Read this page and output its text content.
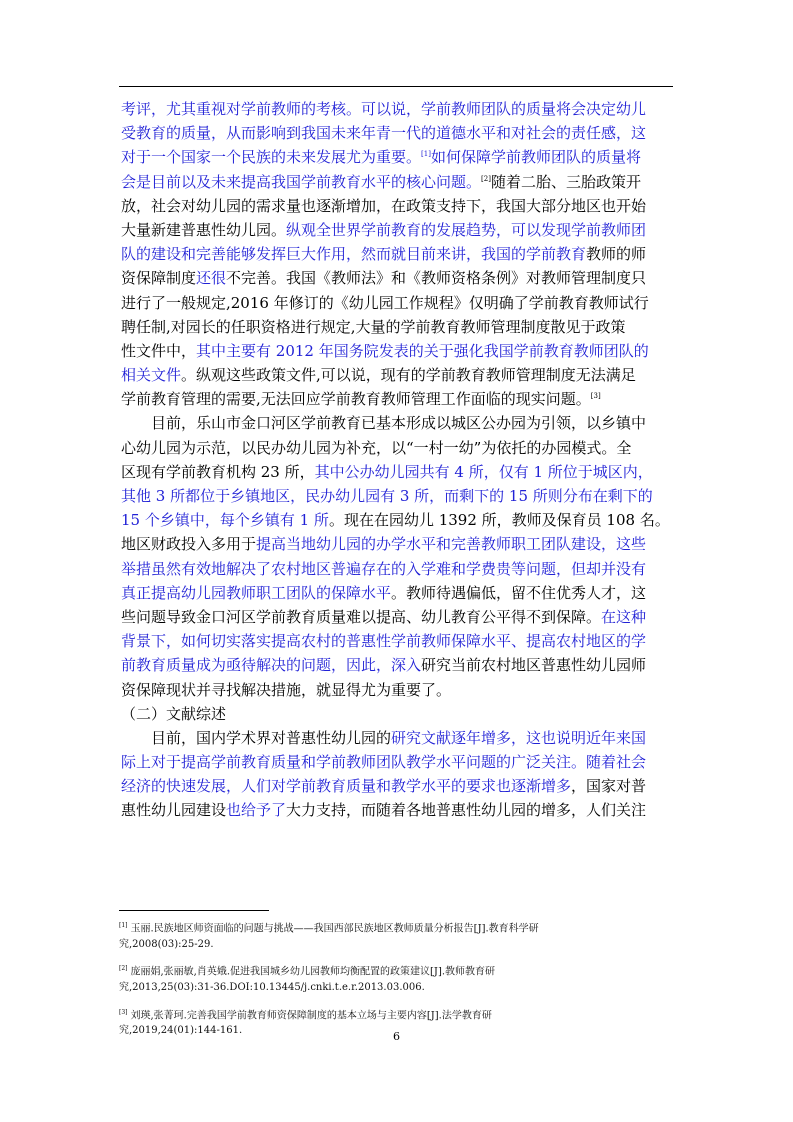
考评，尤其重视对学前教师的考核。可以说，学前教师团队的质量将会决定幼儿
受教育的质量，从而影响到我国未来年青一代的道德水平和对社会的责任感，这
对于一个国家一个民族的未来发展尤为重要。[1]如何保障学前教师团队的质量将
会是目前以及未来提高我国学前教育水平的核心问题。[2]随着二胎、三胎政策开
放，社会对幼儿园的需求量也逐渐增加，在政策支持下，我国大部分地区也开始
大量新建普惠性幼儿园。纵观全世界学前教育的发展趋势，可以发现学前教师团
队的建设和完善能够发挥巨大作用，然而就目前来讲，我国的学前教育教师的师
资保障制度还很不完善。我国《教师法》和《教师资格条例》对教师管理制度只
进行了一般规定,2016 年修订的《幼儿园工作规程》仅明确了学前教育教师试行
聘任制,对园长的任职资格进行规定,大量的学前教育教师管理制度散见于政策
性文件中，其中主要有 2012 年国务院发表的关于强化我国学前教育教师团队的
相关文件。纵观这些政策文件,可以说，现有的学前教育教师管理制度无法满足
学前教育管理的需要,无法回应学前教育教师管理工作面临的现实问题。[3]
　　目前，乐山市金口河区学前教育已基本形成以城区公办园为引领，以乡镇中
心幼儿园为示范，以民办幼儿园为补充，以“一村一幼”为依托的办园模式。全
区现有学前教育机构 23 所，其中公办幼儿园共有 4 所，仅有 1 所位于城区内，
其他 3 所都位于乡镇地区，民办幼儿园有 3 所，而剩下的 15 所则分布在剩下的
15 个乡镇中，每个乡镇有 1 所。现在在园幼儿 1392 所，教师及保育员 108 名。
地区财政投入多用于提高当地幼儿园的办学水平和完善教师职工团队建设，这些
举措虽然有效地解决了农村地区普遍存在的入学难和学费贵等问题，但却并没有
真正提高幼儿园教师职工团队的保障水平。教师待遇偏低，留不住优秀人才，这
些问题导致金口河区学前教育质量难以提高、幼儿教育公平得不到保障。在这种
背景下，如何切实落实提高农村的普惠性学前教师保障水平、提高农村地区的学
前教育质量成为亟待解决的问题，因此，深入研究当前农村地区普惠性幼儿园师
资保障现状并寻找解决措施，就显得尤为重要了。
（二）文献综述
　　目前，国内学术界对普惠性幼儿园的研究文献逐年增多，这也说明近年来国
际上对于提高学前教育质量和学前教师团队教学水平问题的广泛关注。随着社会
经济的快速发展，人们对学前教育质量和教学水平的要求也逐渐增多，国家对普
惠性幼儿园建设也给予了大力支持，而随着各地普惠性幼儿园的增多，人们关注
[1] 玉丽.民族地区师资面临的问题与挑战——我国西部民族地区教师质量分析报告[J].教育科学研
究,2008(03):25-29.
[2] 庞丽娟,张丽敏,肖英娥.促进我国城乡幼儿园教师均衡配置的政策建议[J].教师教育研
究,2013,25(03):31-36.DOI:10.13445/j.cnki.t.e.r.2013.03.006.
[3] 刘瑛,张菁珂.完善我国学前教育师资保障制度的基本立场与主要内容[J].法学教育研
究,2019,24(01):144-161.	6
